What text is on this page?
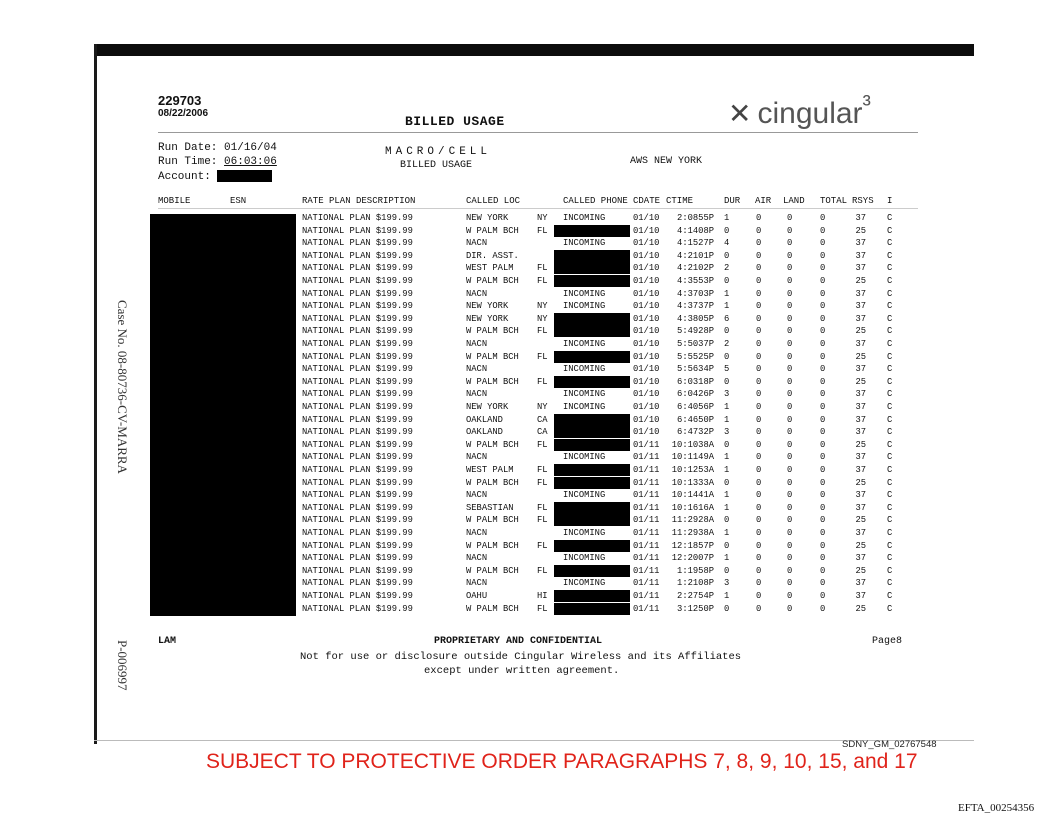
Case No. 08-80736-CV-MARRA
P-006997
229703
08/22/2006
BILLED USAGE	✕ cingular$^{^3}$
Run Date: 01/16/04
Run Time: 06:03:06
Account:
MACRO/CELL
BILLED USAGE	AWS NEW YORK
MOBILE	ESN	RATE PLAN DESCRIPTION	CALLED LOC	CALLED PHONE CDATE CTIME	DUR AIR LAND TOTAL RSYS I
NATIONAL PLAN $199.99	NEW YORK	NY INCOMING	01/10	2:0855P 1	0	0	0	37 C
NATIONAL PLAN $199.99	W PALM BCH FL	01/10	4:1408P 0	0	0	0	25 C
NATIONAL PLAN $199.99	NACN	INCOMING	01/10	4:1527P 4	0	0	0	37 C
NATIONAL PLAN $199.99	DIR. ASST.	01/10	4:2101P 0	0	0	0	37 C
NATIONAL PLAN $199.99	WEST PALM	FL	01/10	4:2102P 2	0	0	0	37 C
NATIONAL PLAN $199.99	W PALM BCH FL	01/10	4:3553P 0	0	0	0	25 C
NATIONAL PLAN $199.99	NACN	INCOMING	01/10	4:3703P 1	0	0	0	37 C
NATIONAL PLAN $199.99	NEW YORK	NY INCOMING	01/10	4:3737P 1	0	0	0	37 C
NATIONAL PLAN $199.99	NEW YORK	NY	01/10	4:3805P 6	0	0	0	37 C
NATIONAL PLAN $199.99	W PALM BCH FL	01/10	5:4928P 0	0	0	0	25 C
NATIONAL PLAN $199.99	NACN	INCOMING	01/10	5:5037P 2	0	0	0	37 C
NATIONAL PLAN $199.99	W PALM BCH FL	01/10	5:5525P 0	0	0	0	25 C
NATIONAL PLAN $199.99	NACN	INCOMING	01/10	5:5634P 5	0	0	0	37 C
NATIONAL PLAN $199.99	W PALM BCH FL	01/10	6:0318P 0	0	0	0	25 C
NATIONAL PLAN $199.99	NACN	INCOMING	01/10	6:0426P 3	0	0	0	37 C
NATIONAL PLAN $199.99	NEW YORK	NY INCOMING	01/10	6:4056P 1	0	0	0	37 C
NATIONAL PLAN $199.99	OAKLAND	CA	01/10	6:4650P 1	0	0	0	37 C
NATIONAL PLAN $199.99	OAKLAND	CA	01/10	6:4732P 3	0	0	0	37 C
NATIONAL PLAN $199.99	W PALM BCH FL	01/11	10:1038A 0	0	0	0	25 C
NATIONAL PLAN $199.99	NACN	INCOMING	01/11	10:1149A 1	0	0	0	37 C
NATIONAL PLAN $199.99	WEST PALM	FL	01/11	10:1253A 1	0	0	0	37 C
NATIONAL PLAN $199.99	W PALM BCH FL	01/11	10:1333A 0	0	0	0	25 C
NATIONAL PLAN $199.99	NACN	INCOMING	01/11	10:1441A 1	0	0	0	37 C
NATIONAL PLAN $199.99	SEBASTIAN	FL	01/11	10:1616A 1	0	0	0	37 C
NATIONAL PLAN $199.99	W PALM BCH FL	01/11	11:2928A 0	0	0	0	25 C
NATIONAL PLAN $199.99	NACN	INCOMING	01/11	11:2938A 1	0	0	0	37 C
NATIONAL PLAN $199.99	W PALM BCH FL	01/11	12:1857P 0	0	0	0	25 C
NATIONAL PLAN $199.99	NACN	INCOMING	01/11	12:2007P 1	0	0	0	37 C
NATIONAL PLAN $199.99	W PALM BCH FL	01/11	1:1958P 0	0	0	0	25 C
NATIONAL PLAN $199.99	NACN	INCOMING	01/11	1:2108P 3	0	0	0	37 C
NATIONAL PLAN $199.99	OAHU	HI	01/11	2:2754P 1	0	0	0	37 C
NATIONAL PLAN $199.99	W PALM BCH FL	01/11	3:1250P 0	0	0	0	25 C
LAM	PROPRIETARY AND CONFIDENTIAL	Page8
Not for use or disclosure outside Cingular Wireless and its Affiliates
except under written agreement.
SDNY_GM_02767548
SUBJECT TO PROTECTIVE ORDER PARAGRAPHS 7, 8, 9, 10, 15, and 17
EFTA_00254356
